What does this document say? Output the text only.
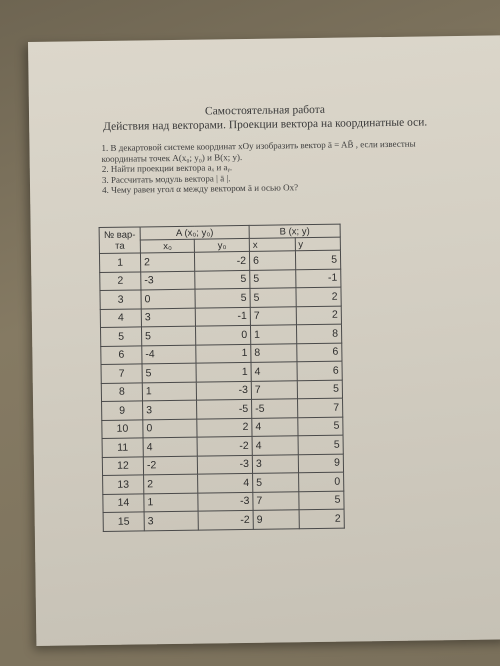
Самостоятельная работа
Действия над векторами. Проекции вектора на координатные оси.
1. В декартовой системе координат xOy изобразить вектор ā = AB̄ , если известны
координаты точек A(x₀; y₀) и B(x; y).
2. Найти проекции вектора aₓ и aᵧ.
3. Рассчитать модуль вектора | ā |.
4. Чему равен угол α между вектором ā и осью Ox?
№ вар-
та	A (x₀; y₀)		B (x; y)	
	x₀	y₀	x	y
1	2	-2	6	5
2	-3	5	5	-1
3	0	5	5	2
4	3	-1	7	2
5	5	0	1	8
6	-4	1	8	6
7	5	1	4	6
8	1	-3	7	5
9	3	-5	-5	7
10	0	2	4	5
11	4	-2	4	5
12	-2	-3	3	9
13	2	4	5	0
14	1	-3	7	5
15	3	-2	9	2
